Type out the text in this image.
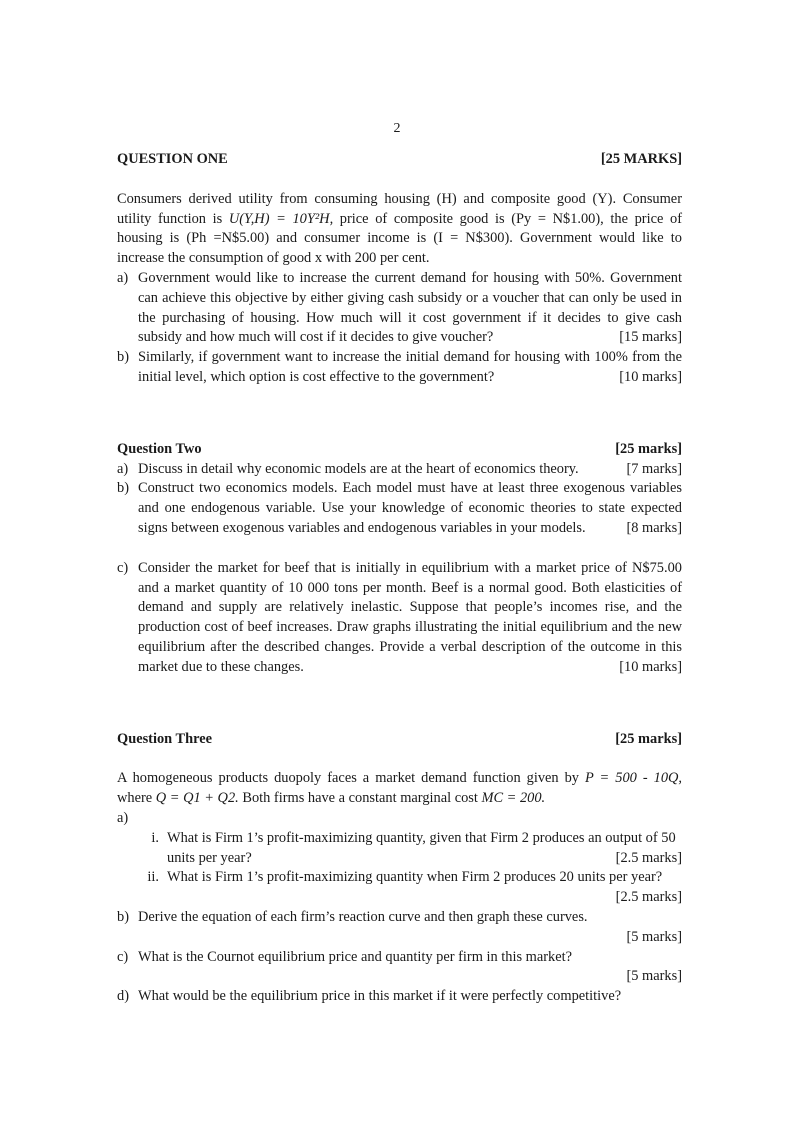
2
QUESTION ONE	[25 MARKS]

Consumers derived utility from consuming housing (H) and composite good (Y). Consumer utility function is U(Y,H) = 10Y²H, price of composite good is (Py = N$1.00), the price of housing is (Ph =N$5.00) and consumer income is (I = N$300). Government would like to increase the consumption of good x with 200 per cent.

a) Government would like to increase the current demand for housing with 50%. Government can achieve this objective by either giving cash subsidy or a voucher that can only be used in the purchasing of housing. How much will it cost government if it decides to give cash subsidy and how much will cost if it decides to give voucher?	[15 marks]
b) Similarly, if government want to increase the initial demand for housing with 100% from the initial level, which option is cost effective to the government?	[10 marks]
Question Two	[25 marks]
a) Discuss in detail why economic models are at the heart of economics theory.	[7 marks]
b) Construct two economics models. Each model must have at least three exogenous variables and one endogenous variable. Use your knowledge of economic theories to state expected signs between exogenous variables and endogenous variables in your models.	[8 marks]
c) Consider the market for beef that is initially in equilibrium with a market price of N$75.00 and a market quantity of 10 000 tons per month. Beef is a normal good. Both elasticities of demand and supply are relatively inelastic. Suppose that people’s incomes rise, and the production cost of beef increases. Draw graphs illustrating the initial equilibrium and the new equilibrium after the described changes. Provide a verbal description of the outcome in this market due to these changes.	[10 marks]
Question Three	[25 marks]

A homogeneous products duopoly faces a market demand function given by P = 500 - 10Q, where Q = Q1 + Q2. Both firms have a constant marginal cost MC = 200.

a)
i. What is Firm 1’s profit-maximizing quantity, given that Firm 2 produces an output of 50 units per year?	[2.5 marks]
ii. What is Firm 1’s profit-maximizing quantity when Firm 2 produces 20 units per year?
[2.5 marks]
b) Derive the equation of each firm’s reaction curve and then graph these curves.
[5 marks]
c) What is the Cournot equilibrium price and quantity per firm in this market?
[5 marks]
d) What would be the equilibrium price in this market if it were perfectly competitive?
